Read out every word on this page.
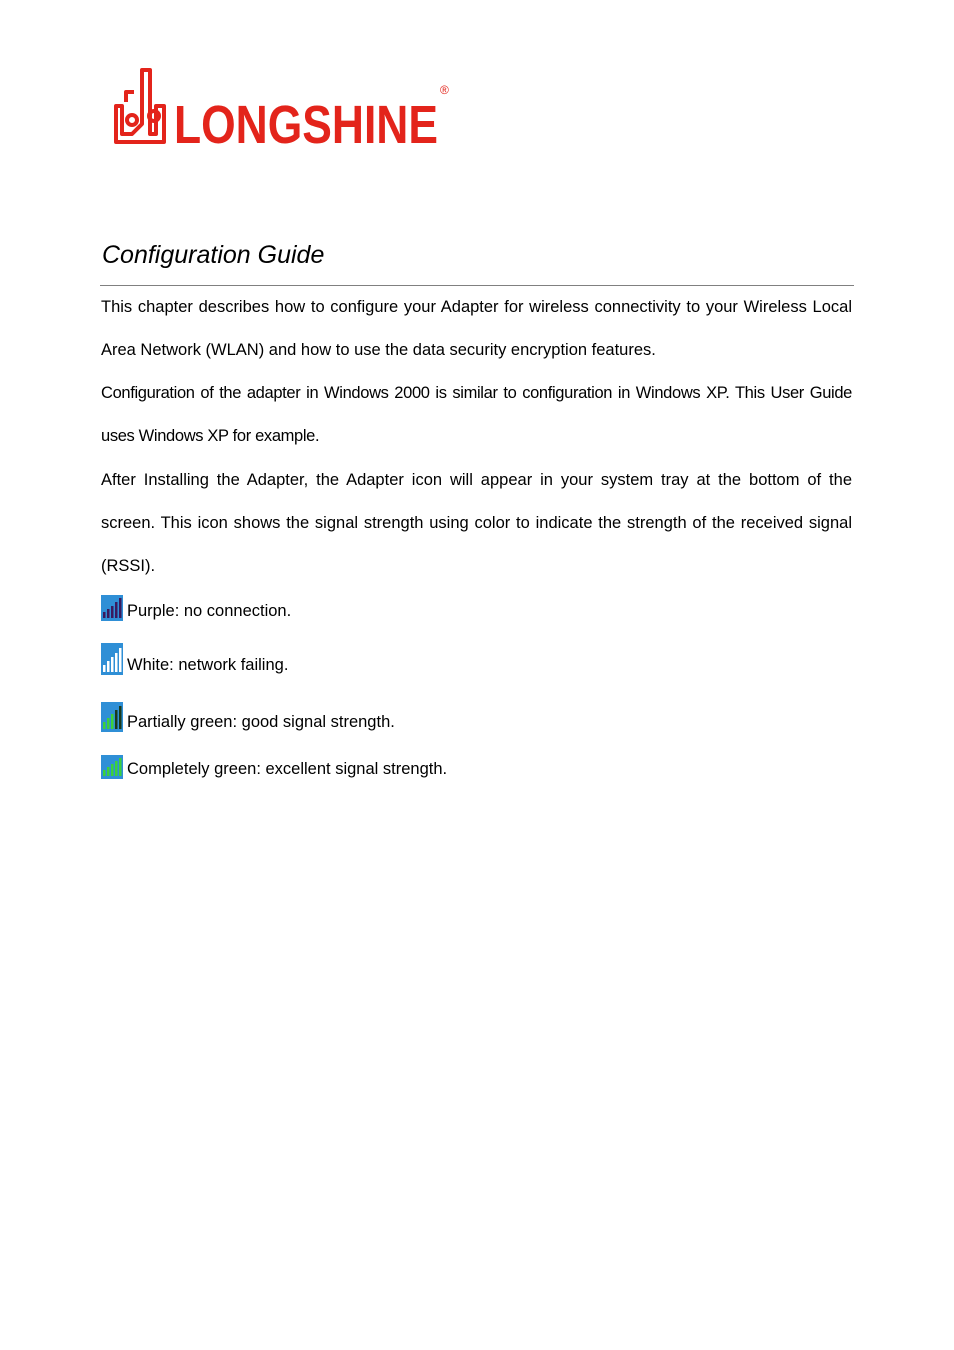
LONGSHINE
®
Configuration Guide

This chapter describes how to configure your Adapter for wireless connectivity to your Wireless Local Area Network (WLAN) and how to use the data security encryption features.

Configuration of the adapter in Windows 2000 is similar to configuration in Windows XP. This User Guide uses Windows XP for example.

After Installing the Adapter, the Adapter icon will appear in your system tray at the bottom of the screen. This icon shows the signal strength using color to indicate the strength of the received signal (RSSI).

Purple: no connection.
White: network failing.
Partially green: good signal strength.
Completely green: excellent signal strength.
